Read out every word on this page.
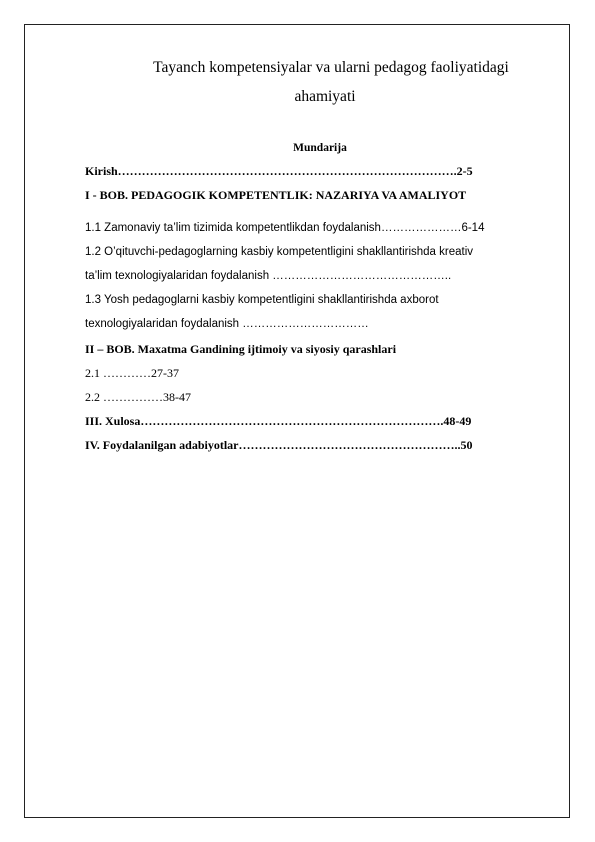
Tayanch kompetensiyalar va ularni pedagog faoliyatidagi
ahamiyati
Mundarija
Kirish………………………………………………………………………….2-5
I - BOB. PEDAGOGIK KOMPETENTLIK: NAZARIYA VA AMALIYOT
1.1 Zamonaviy ta’lim tizimida kompetentlikdan foydalanish…………………6-14
1.2 O’qituvchi-pedagoglarning kasbiy kompetentligini shakllantirishda kreativ
ta’lim texnologiyalaridan foydalanish ………………………………………..
1.3 Yosh pedagoglarni kasbiy kompetentligini shakllantirishda axborot
texnologiyalaridan foydalanish ……………………………
II – BOB. Maxatma Gandining ijtimoiy va siyosiy qarashlari
2.1 …………27-37
2.2 ……………38-47
III. Xulosa………………………………………………………………….48-49
IV. Foydalanilgan adabiyotlar………………………………………………..50
